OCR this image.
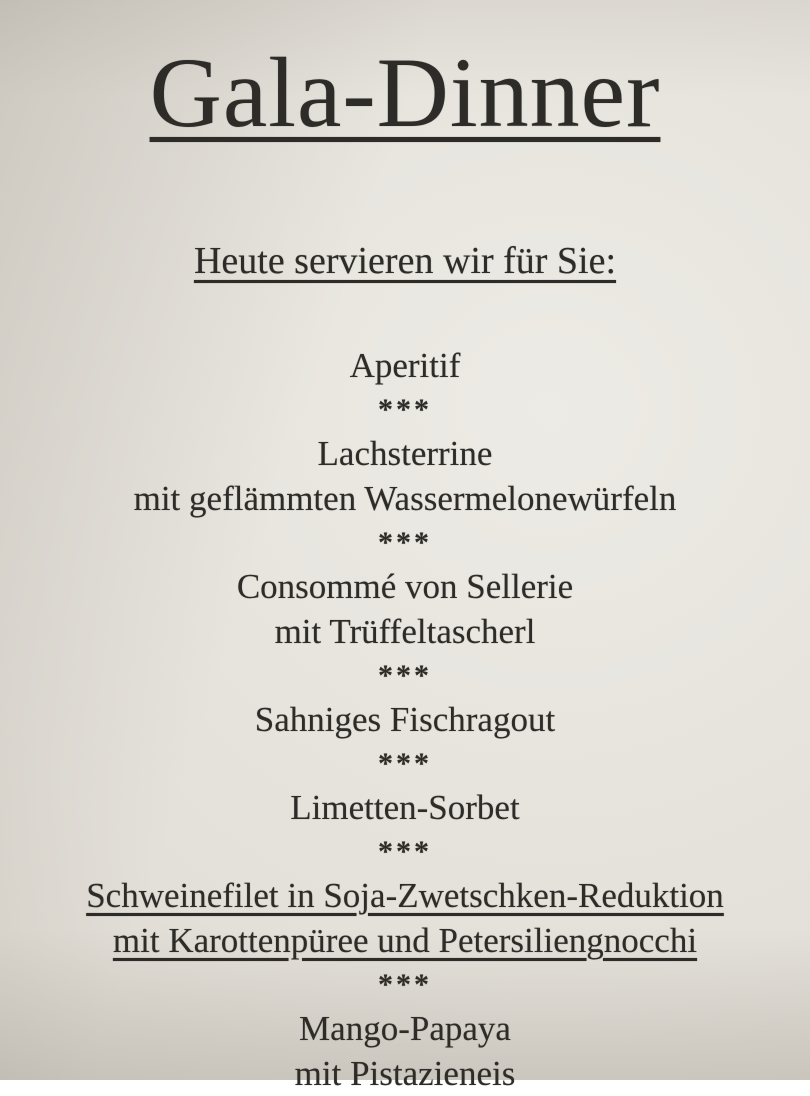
Gala-Dinner
Heute servieren wir für Sie:
Aperitif
***
Lachsterrine
mit geflämmten Wassermelonewürfeln
***
Consommé von Sellerie
mit Trüffeltascherl
***
Sahniges Fischragout
***
Limetten-Sorbet
***
Schweinefilet in Soja-Zwetschken-Reduktion
mit Karottenpüree und Petersiliengnocchi
***
Mango-Papaya
mit Pistazieneis
